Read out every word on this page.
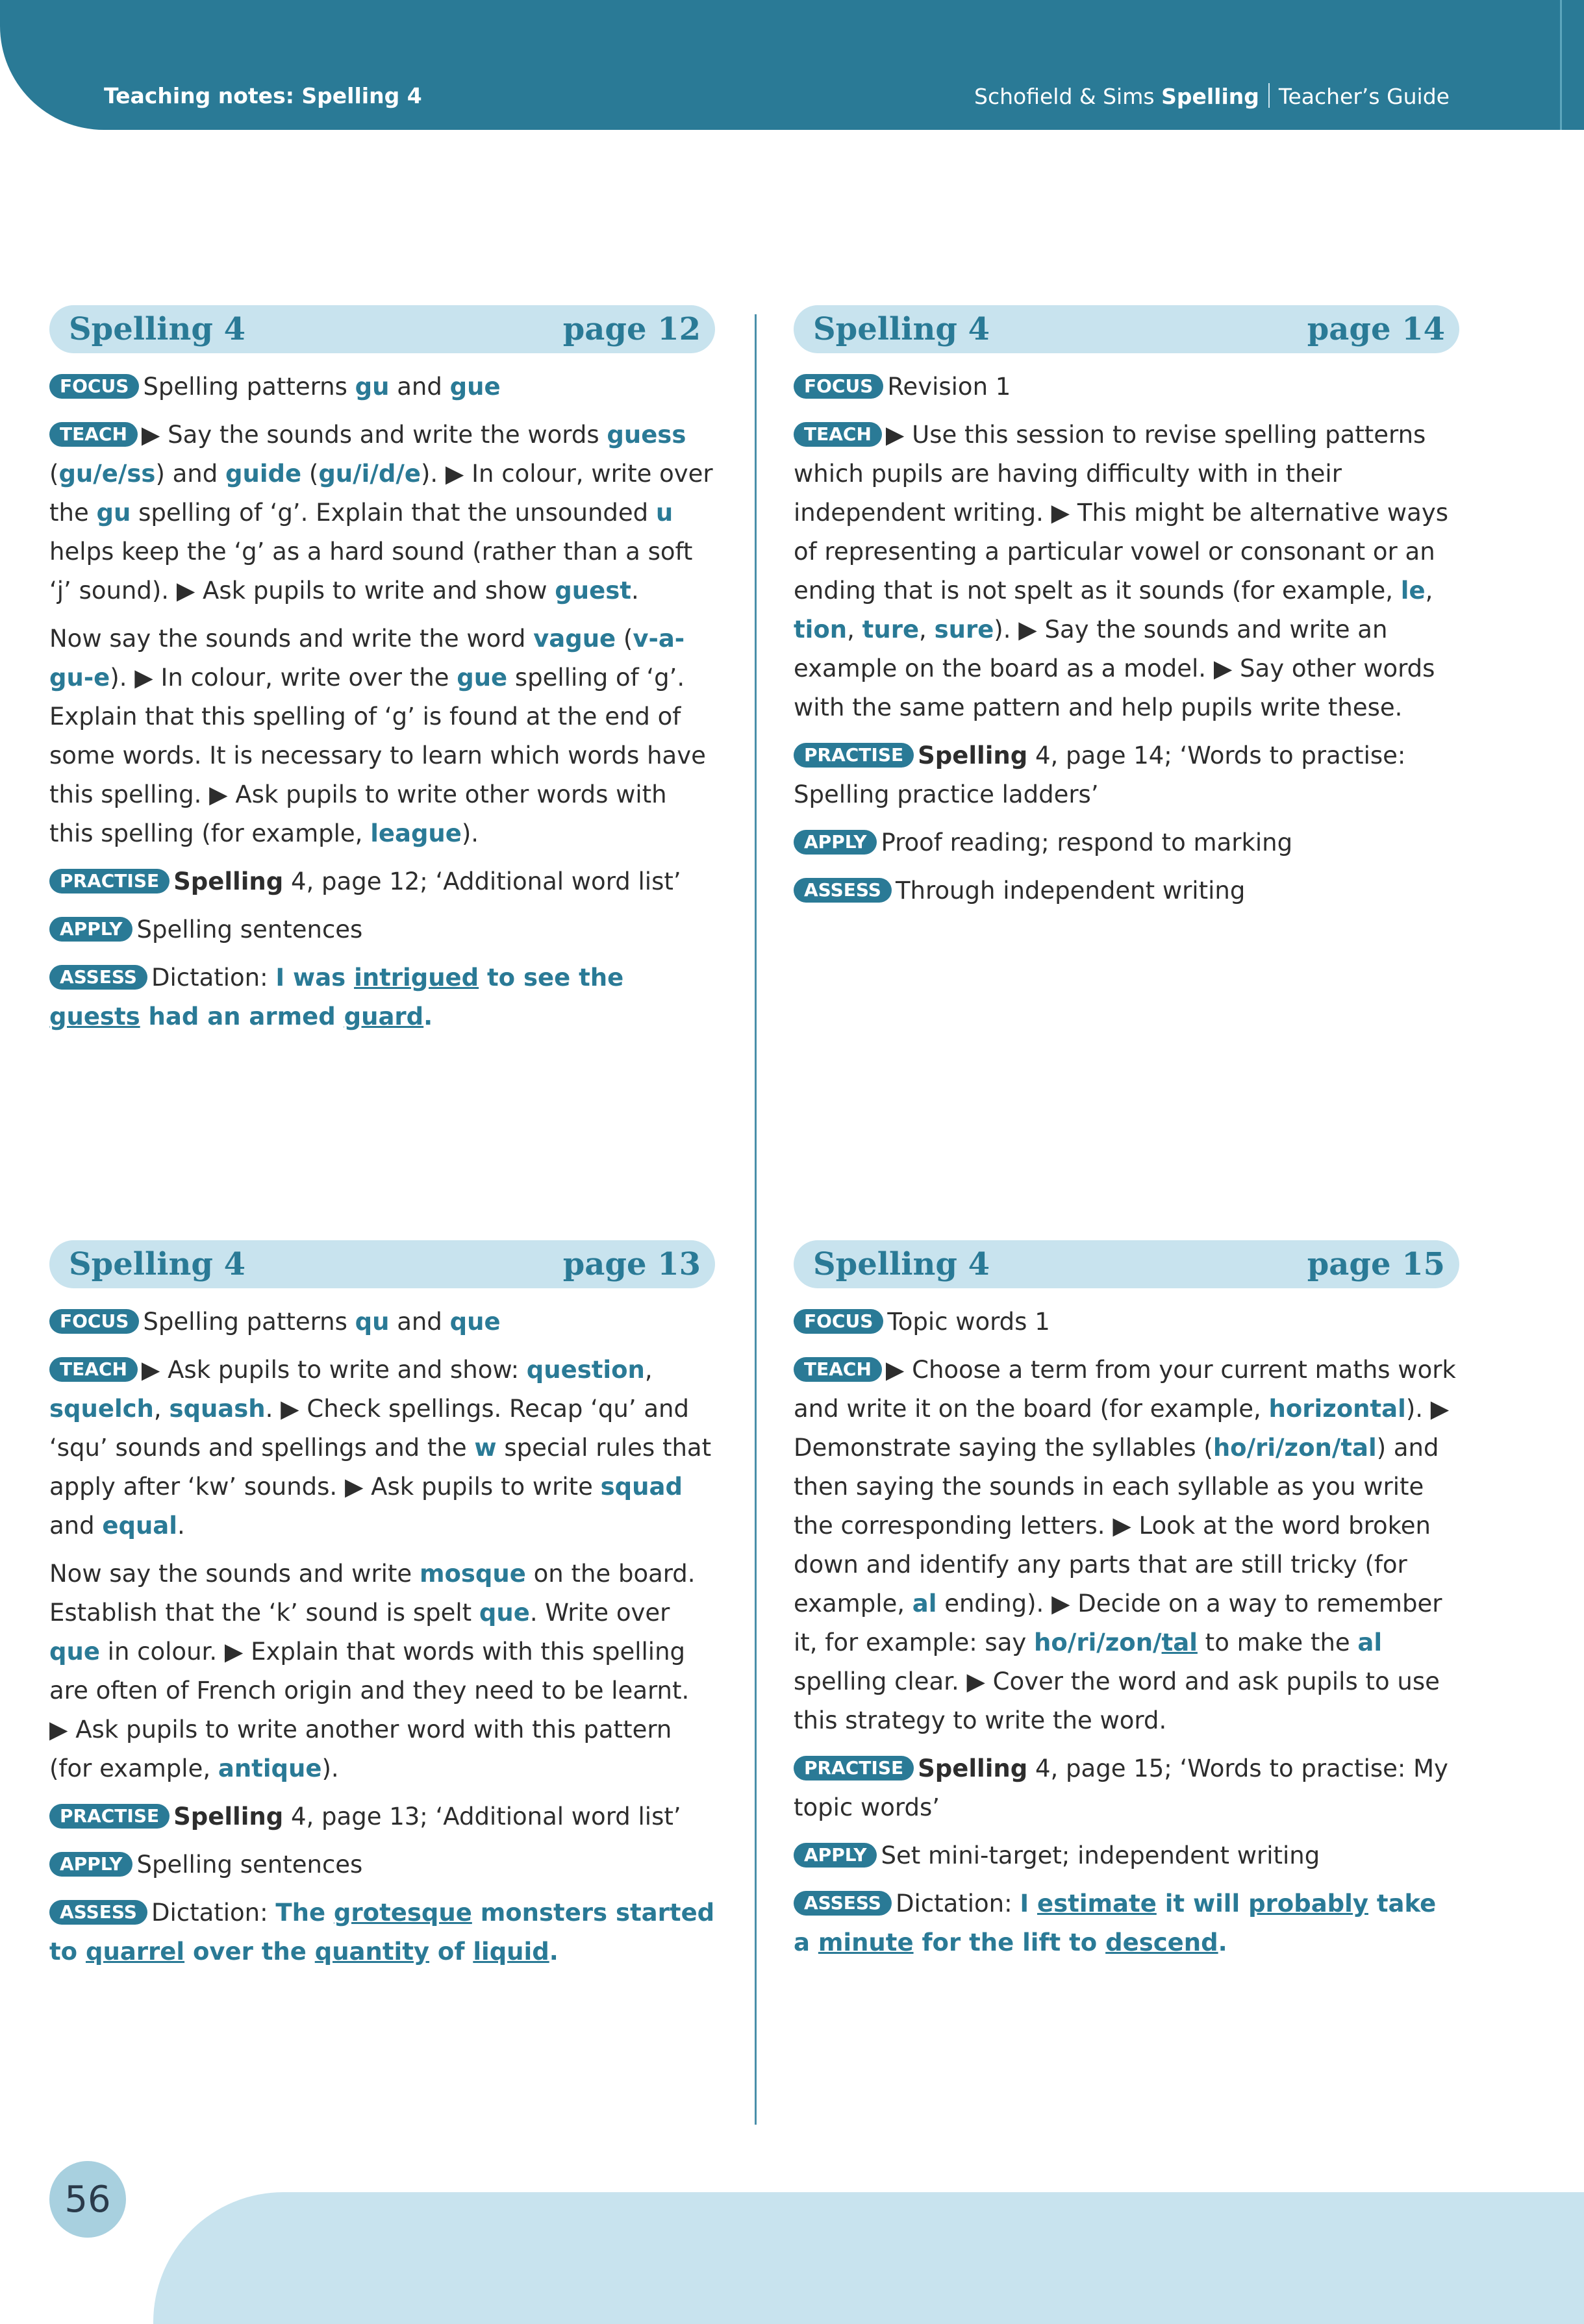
Teaching notes: Spelling 4	Schofield & Sims Spelling Teacher’s Guide
Spelling 4	page 12

FOCUS Spelling patterns gu and gue

TEACH ▶ Say the sounds and write the words guess (gu/e/ss) and guide (gu/i/d/e). ▶ In colour, write over the gu spelling of ‘g’. Explain that the unsounded u helps keep the ‘g’ as a hard sound (rather than a soft ‘j’ sound). ▶ Ask pupils to write and show guest.

Now say the sounds and write the word vague (v-a-gu-e). ▶ In colour, write over the gue spelling of ‘g’. Explain that this spelling of ‘g’ is found at the end of some words. It is necessary to learn which words have this spelling. ▶ Ask pupils to write other words with this spelling (for example, league).

PRACTISE Spelling 4, page 12; ‘Additional word list’

APPLY Spelling sentences

ASSESS Dictation: I was intrigued to see the guests had an armed guard.

Spelling 4	page 14

FOCUS Revision 1

TEACH ▶ Use this session to revise spelling patterns which pupils are having difficulty with in their independent writing. ▶ This might be alternative ways of representing a particular vowel or consonant or an ending that is not spelt as it sounds (for example, le, tion, ture, sure). ▶ Say the sounds and write an example on the board as a model. ▶ Say other words with the same pattern and help pupils write these.

PRACTISE Spelling 4, page 14; ‘Words to practise: Spelling practice ladders’

APPLY Proof reading; respond to marking

ASSESS Through independent writing

Spelling 4	page 13

FOCUS Spelling patterns qu and que

TEACH ▶ Ask pupils to write and show: question, squelch, squash. ▶ Check spellings. Recap ‘qu’ and ‘squ’ sounds and spellings and the w special rules that apply after ‘kw’ sounds. ▶ Ask pupils to write squad and equal.

Now say the sounds and write mosque on the board. Establish that the ‘k’ sound is spelt que. Write over que in colour. ▶ Explain that words with this spelling are often of French origin and they need to be learnt. ▶ Ask pupils to write another word with this pattern (for example, antique).

PRACTISE Spelling 4, page 13; ‘Additional word list’

APPLY Spelling sentences

ASSESS Dictation: The grotesque monsters started to quarrel over the quantity of liquid.

Spelling 4	page 15

FOCUS Topic words 1

TEACH ▶ Choose a term from your current maths work and write it on the board (for example, horizontal). ▶ Demonstrate saying the syllables (ho/ri/zon/tal) and then saying the sounds in each syllable as you write the corresponding letters. ▶ Look at the word broken down and identify any parts that are still tricky (for example, al ending). ▶ Decide on a way to remember it, for example: say ho/ri/zon/tal to make the al spelling clear. ▶ Cover the word and ask pupils to use this strategy to write the word.

PRACTISE Spelling 4, page 15; ‘Words to practise: My topic words’

APPLY Set mini-target; independent writing

ASSESS Dictation: I estimate it will probably take a minute for the lift to descend.

56
